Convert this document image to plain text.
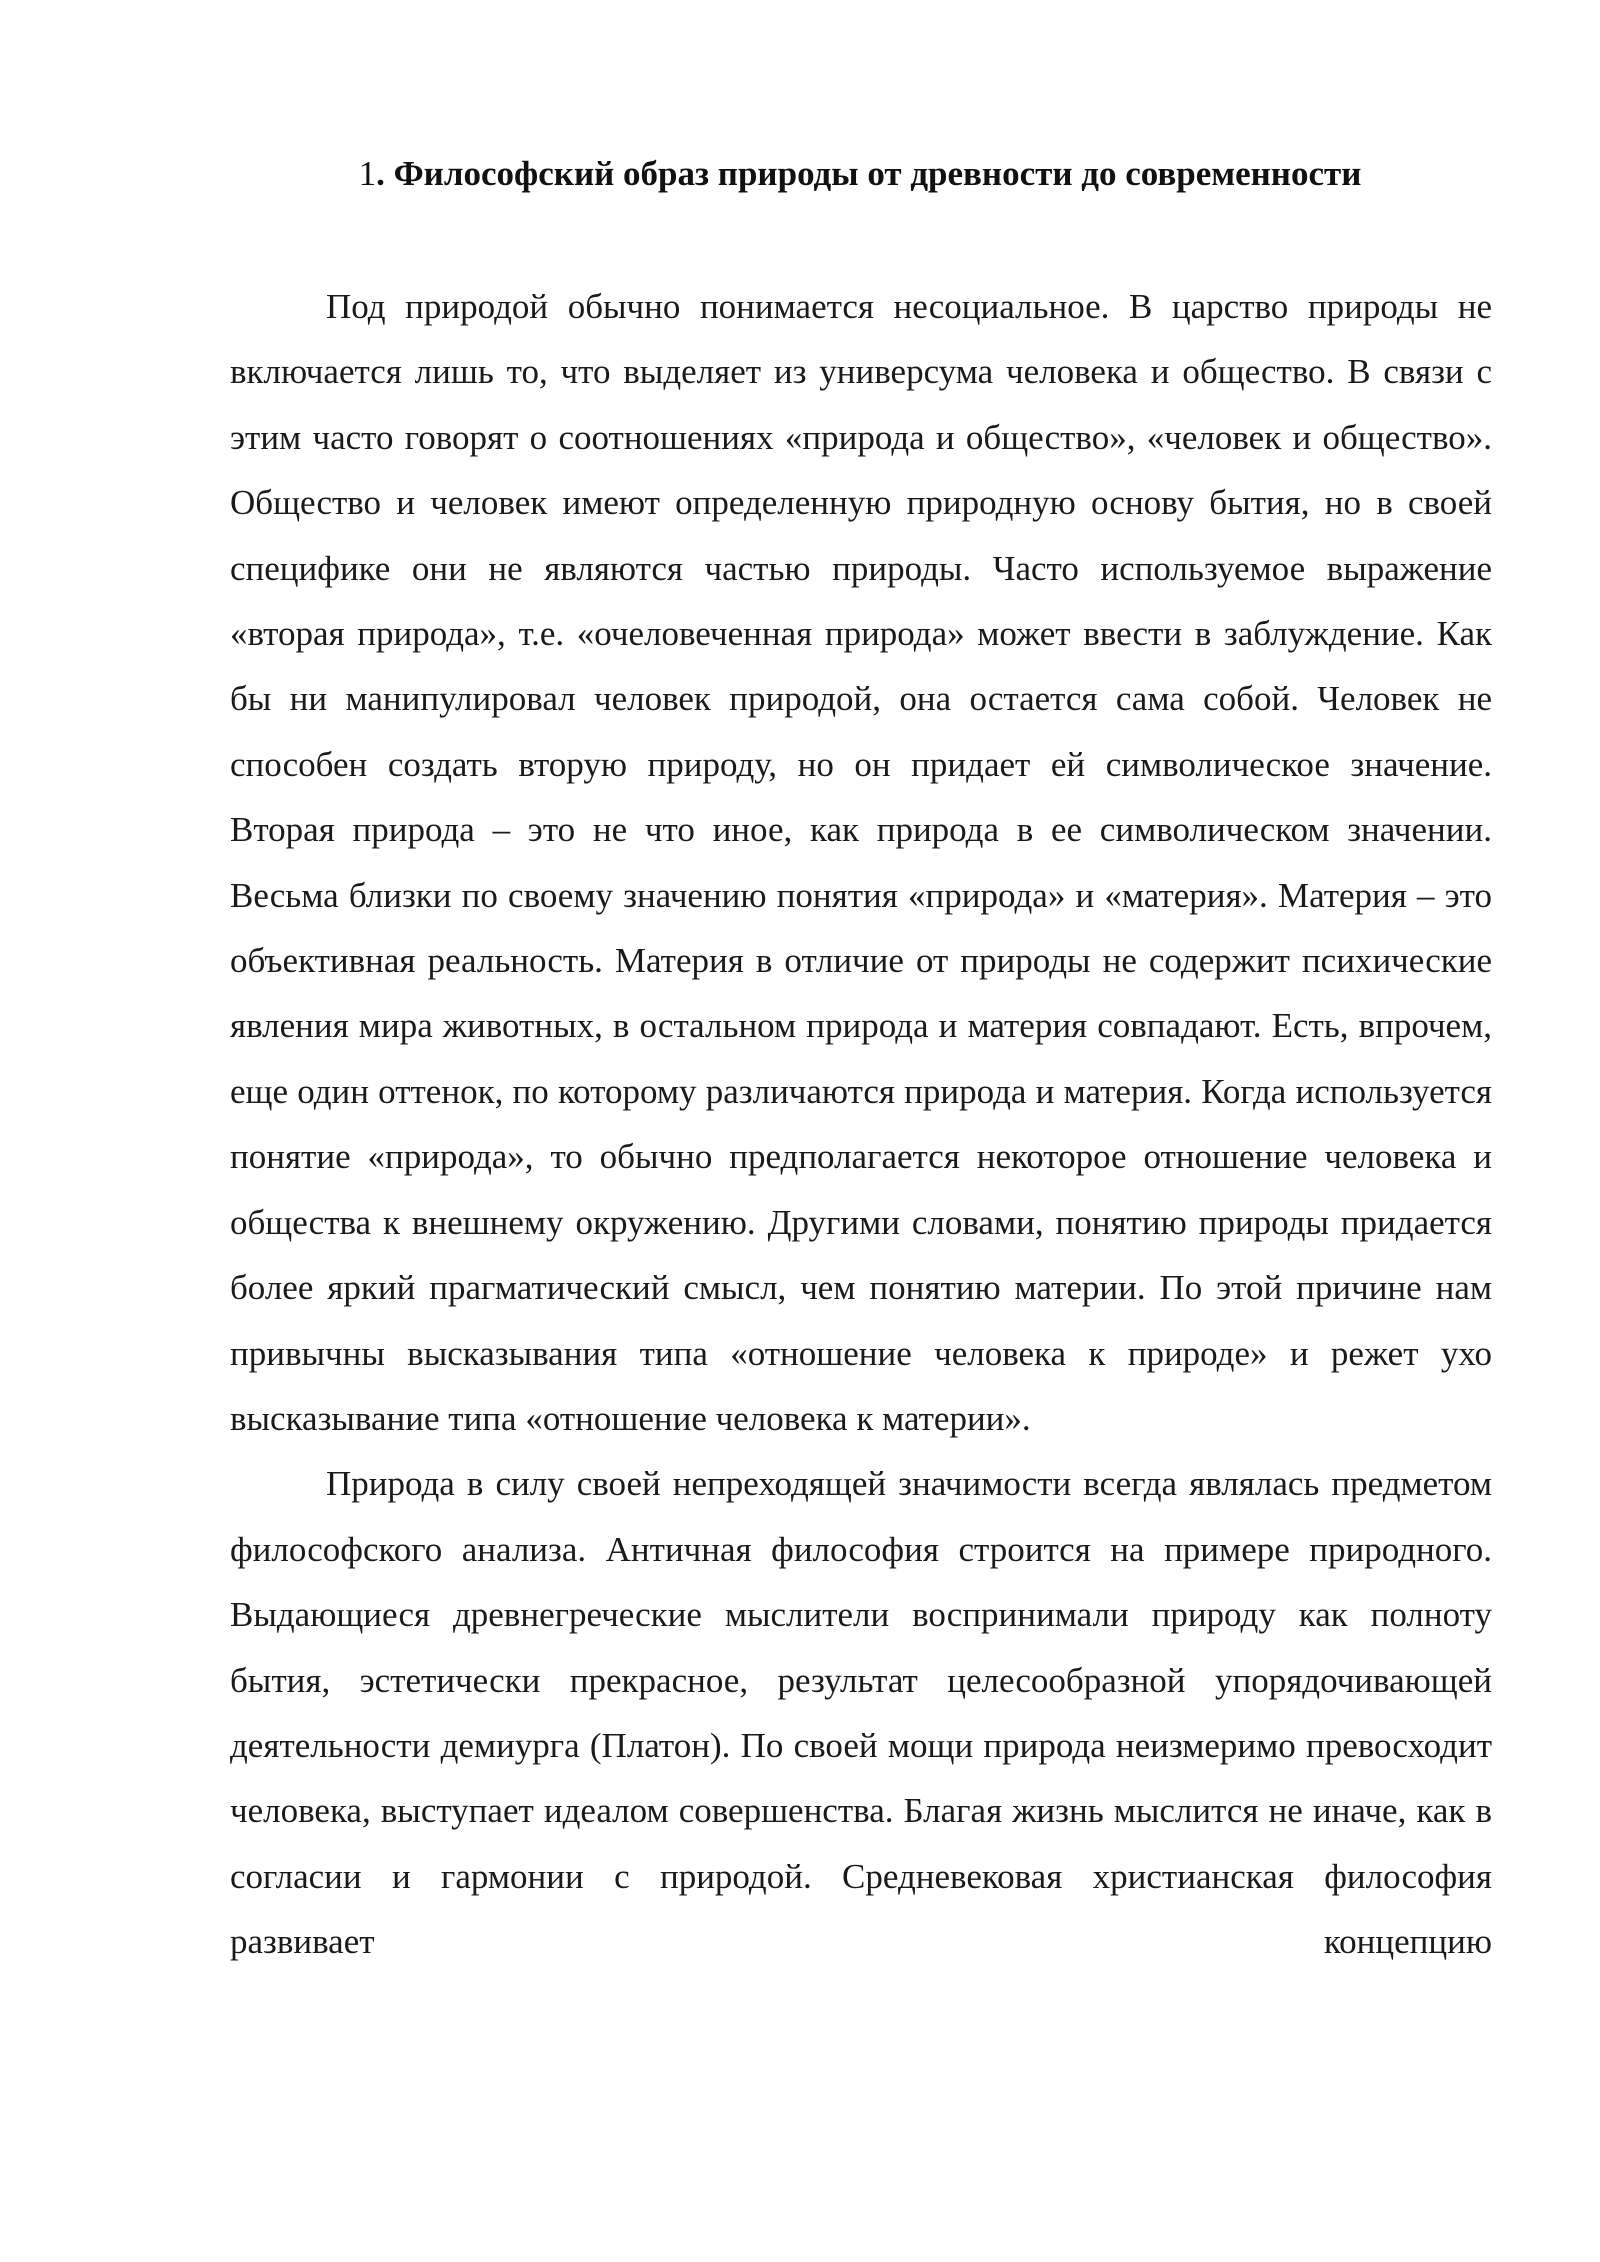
1. Философский образ природы от древности до современности

Под природой обычно понимается несоциальное. В царство природы не включается лишь то, что выделяет из универсума человека и общество. В связи с этим часто говорят о соотношениях «природа и общество», «человек и общество». Общество и человек имеют определенную природную основу бытия, но в своей специфике они не являются частью природы. Часто используемое выражение «вторая природа», т.е. «очеловеченная природа» может ввести в заблуждение. Как бы ни манипулировал человек природой, она остается сама собой. Человек не способен создать вторую природу, но он придает ей символическое значение. Вторая природа – это не что иное, как природа в ее символическом значении. Весьма близки по своему значению понятия «природа» и «материя». Материя – это объективная реальность. Материя в отличие от природы не содержит психические явления мира животных, в остальном природа и материя совпадают. Есть, впрочем, еще один оттенок, по которому различаются природа и материя. Когда используется понятие «природа», то обычно предполагается некоторое отношение человека и общества к внешнему окружению. Другими словами, понятию природы придается более яркий прагматический смысл, чем понятию материи. По этой причине нам привычны высказывания типа «отношение человека к природе» и режет ухо высказывание типа «отношение человека к материи».

Природа в силу своей непреходящей значимости всегда являлась предметом философского анализа. Античная философия строится на примере природного. Выдающиеся древнегреческие мыслители воспринимали природу как полноту бытия, эстетически прекрасное, результат целесообразной упорядочивающей деятельности демиурга (Платон). По своей мощи природа неизмеримо превосходит человека, выступает идеалом совершенства. Благая жизнь мыслится не иначе, как в согласии и гармонии с природой. Средневековая христианская философия развивает концепцию
